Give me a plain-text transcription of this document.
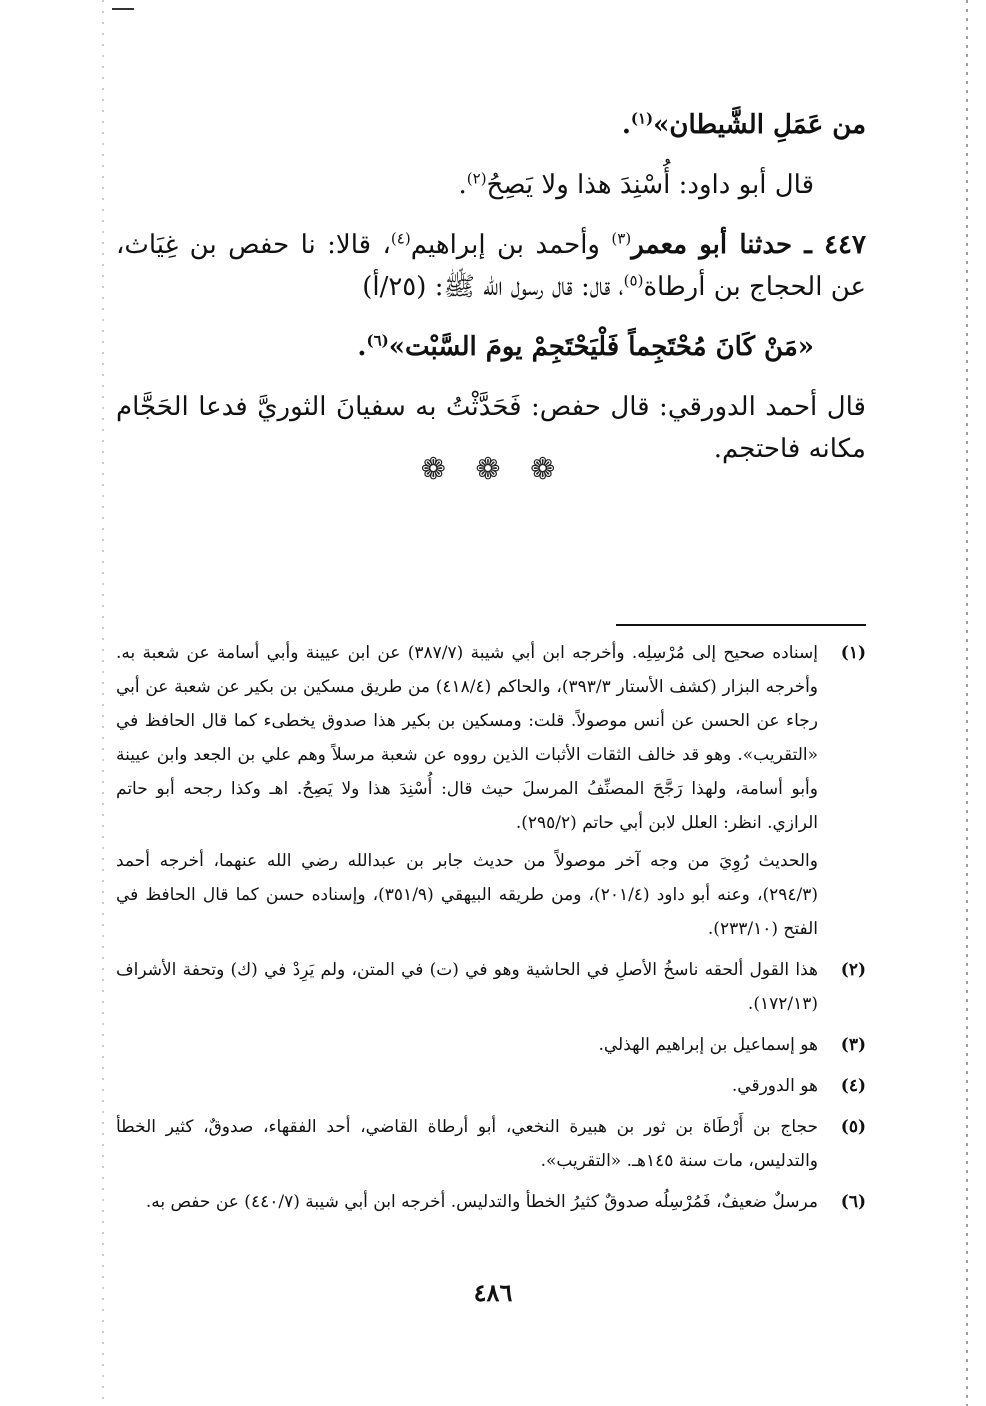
من عَمَلِ الشَّيطان»$^{(١)}$.

قال أبو داود: أُسْنِدَ هذا ولا يَصِحُ$^{(٢)}$.

٤٤٧ ـ حدثنا أبو معمر$^{(٣)}$ وأحمد بن إبراهيم$^{(٤)}$، قالا: نا حفص بن غِيَاث، عن الحجاج بن أرطاة$^{(٥)}$، قال: قال رسول الله ﷺ: (٢٥/أ)

«مَنْ كَانَ مُحْتَجِماً فَلْيَحْتَجِمْ يومَ السَّبْت»$^{(٦)}$.

قال أحمد الدورقي: قال حفص: فَحَدَّثْتُ به سفيانَ الثوريَّ فدعا الحَجَّام مكانه فاحتجم.

❁ ❁ ❁
(١)

إسناده صحيح إلى مُرْسِلِه. وأخرجه ابن أبي شيبة (٣٨٧/٧) عن ابن عيينة وأبي أسامة عن شعبة به. وأخرجه البزار (كشف الأستار ٣٩٣/٣)، والحاكم (٤١٨/٤) من طريق مسكين بن بكير عن شعبة عن أبي رجاء عن الحسن عن أنس موصولاً. قلت: ومسكين بن بكير هذا صدوق يخطىء كما قال الحافظ في «التقريب». وهو قد خالف الثقات الأثبات الذين رووه عن شعبة مرسلاً وهم علي بن الجعد وابن عيينة وأبو أسامة، ولهذا رَجَّحَ المصنِّفُ المرسلَ حيث قال: أُسْنِدَ هذا ولا يَصِحُ. اهـ وكذا رجحه أبو حاتم الرازي. انظر: العلل لابن أبي حاتم (٢٩٥/٢).

والحديث رُوِيَ من وجه آخر موصولاً من حديث جابر بن عبدالله رضي الله عنهما، أخرجه أحمد (٢٩٤/٣)، وعنه أبو داود (٢٠١/٤)، ومن طريقه البيهقي (٣٥١/٩)، وإسناده حسن كما قال الحافظ في الفتح (٢٣٣/١٠).

(٢)

هذا القول ألحقه ناسخُ الأصلِ في الحاشية وهو في (ت) في المتن، ولم يَرِدْ في (ك) وتحفة الأشراف (١٧٢/١٣).

(٣)

هو إسماعيل بن إبراهيم الهذلي.

(٤)

هو الدورقي.

(٥)

حجاج بن أَرْطَاة بن ثور بن هبيرة النخعي، أبو أرطاة القاضي، أحد الفقهاء، صدوقٌ، كثير الخطأ والتدليس، مات سنة ١٤٥هـ. «التقريب».

(٦)

مرسلٌ ضعيفٌ، فَمُرْسِلُه صدوقٌ كثيرُ الخطأ والتدليس. أخرجه ابن أبي شيبة (٤٤٠/٧) عن حفص به.

٤٨٦
